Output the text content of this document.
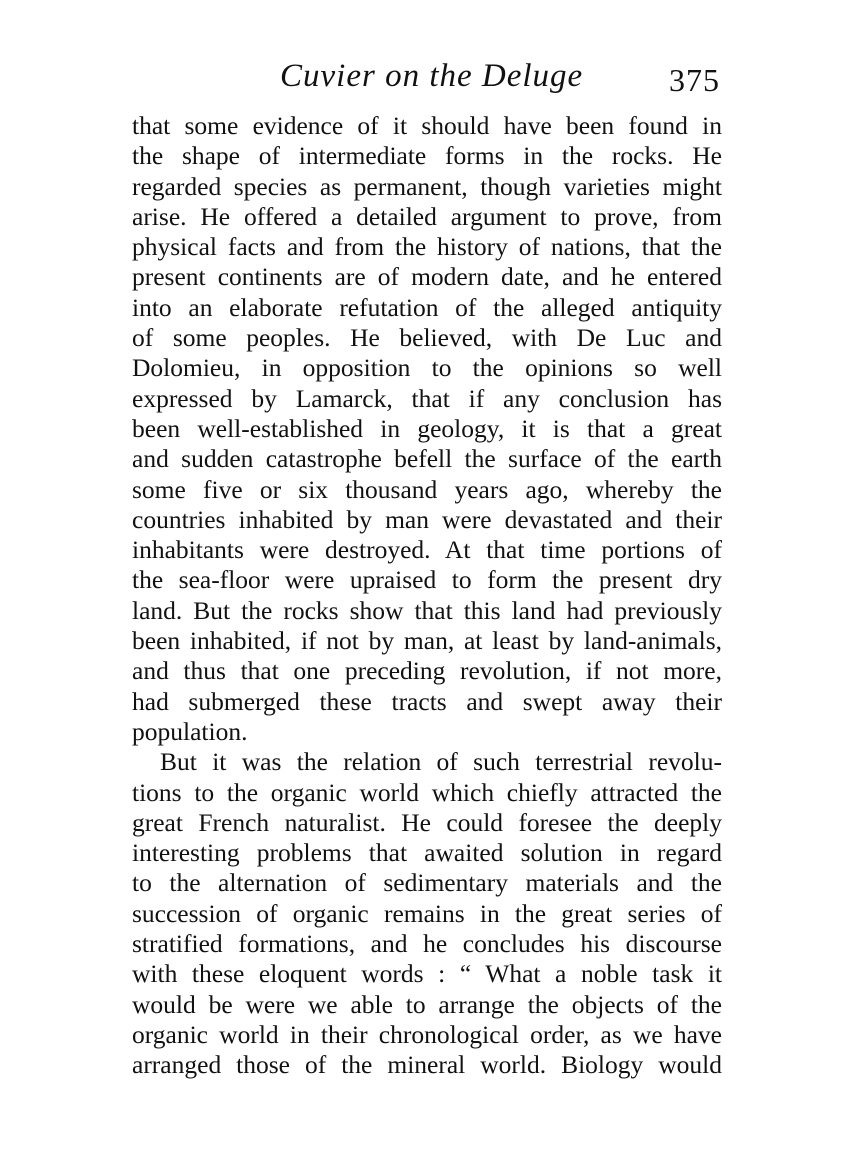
Cuvier on the Deluge	375
that some evidence of it should have been found in
the shape of intermediate forms in the rocks. He
regarded species as permanent, though varieties might
arise. He offered a detailed argument to prove, from
physical facts and from the history of nations, that the
present continents are of modern date, and he entered
into an elaborate refutation of the alleged antiquity
of some peoples. He believed, with De Luc and
Dolomieu, in opposition to the opinions so well
expressed by Lamarck, that if any conclusion has
been well-established in geology, it is that a great
and sudden catastrophe befell the surface of the earth
some five or six thousand years ago, whereby the
countries inhabited by man were devastated and their
inhabitants were destroyed. At that time portions of
the sea-floor were upraised to form the present dry
land. But the rocks show that this land had previously
been inhabited, if not by man, at least by land-animals,
and thus that one preceding revolution, if not more,
had submerged these tracts and swept away their
population.
But it was the relation of such terrestrial revolu-
tions to the organic world which chiefly attracted the
great French naturalist. He could foresee the deeply
interesting problems that awaited solution in regard
to the alternation of sedimentary materials and the
succession of organic remains in the great series of
stratified formations, and he concludes his discourse
with these eloquent words : “ What a noble task it
would be were we able to arrange the objects of the
organic world in their chronological order, as we have
arranged those of the mineral world. Biology would
